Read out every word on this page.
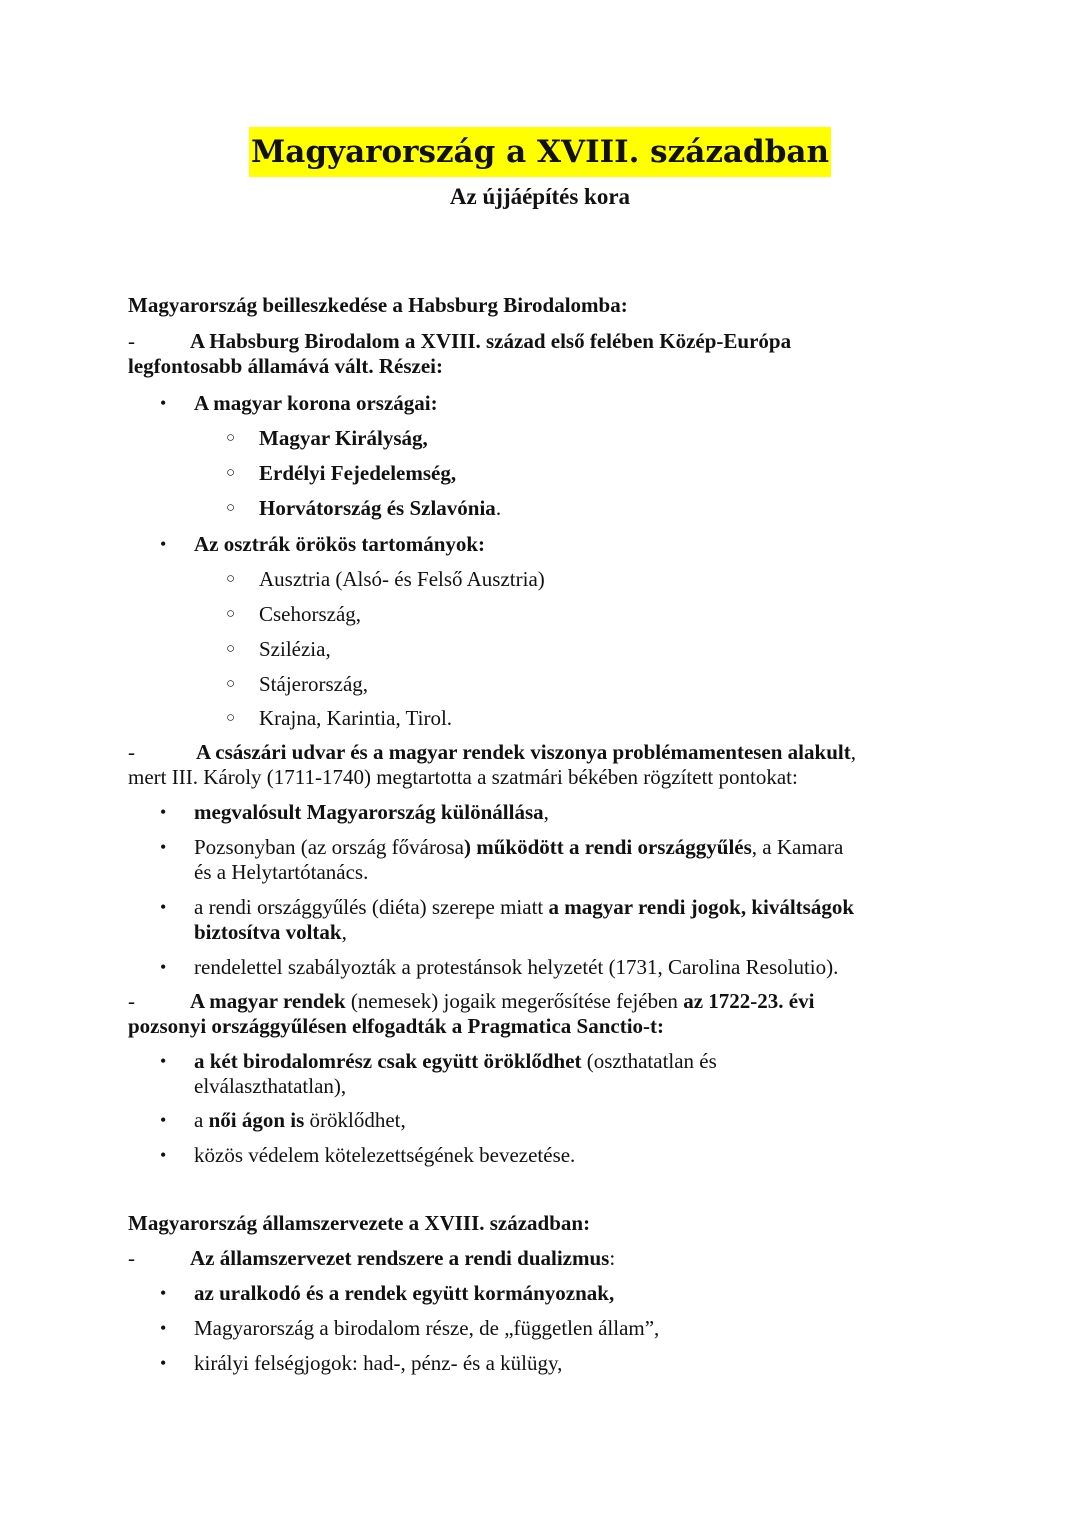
Magyarország a XVIII. században
Az újjáépítés kora
Magyarország beilleszkedése a Habsburg Birodalomba:
-	A Habsburg Birodalom a XVIII. század első felében Közép-Európa
legfontosabb államává vált. Részei:
• A magyar korona országai:
○ Magyar Királyság,
○ Erdélyi Fejedelemség,
○ Horvátország és Szlavónia.
• Az osztrák örökös tartományok:
○ Ausztria (Alsó- és Felső Ausztria)
○ Csehország,
○ Szilézia,
○ Stájerország,
○ Krajna, Karintia, Tirol.
-	A császári udvar és a magyar rendek viszonya problémamentesen alakult,
mert III. Károly (1711-1740) megtartotta a szatmári békében rögzített pontokat:
• megvalósult Magyarország különállása,
• Pozsonyban (az ország fővárosa) működött a rendi országgyűlés, a Kamara
és a Helytartótanács.
• a rendi országgyűlés (diéta) szerepe miatt a magyar rendi jogok, kiváltságok
biztosítva voltak,
• rendelettel szabályozták a protestánsok helyzetét (1731, Carolina Resolutio).
-	A magyar rendek (nemesek) jogaik megerősítése fejében az 1722-23. évi
pozsonyi országgyűlésen elfogadták a Pragmatica Sanctio-t:
• a két birodalomrész csak együtt öröklődhet (oszthatatlan és
elválaszthatatlan),
• a női ágon is öröklődhet,
• közös védelem kötelezettségének bevezetése.
Magyarország államszervezete a XVIII. században:
-	Az államszervezet rendszere a rendi dualizmus:
• az uralkodó és a rendek együtt kormányoznak,
• Magyarország a birodalom része, de „független állam”,
• királyi felségjogok: had-, pénz- és a külügy,
